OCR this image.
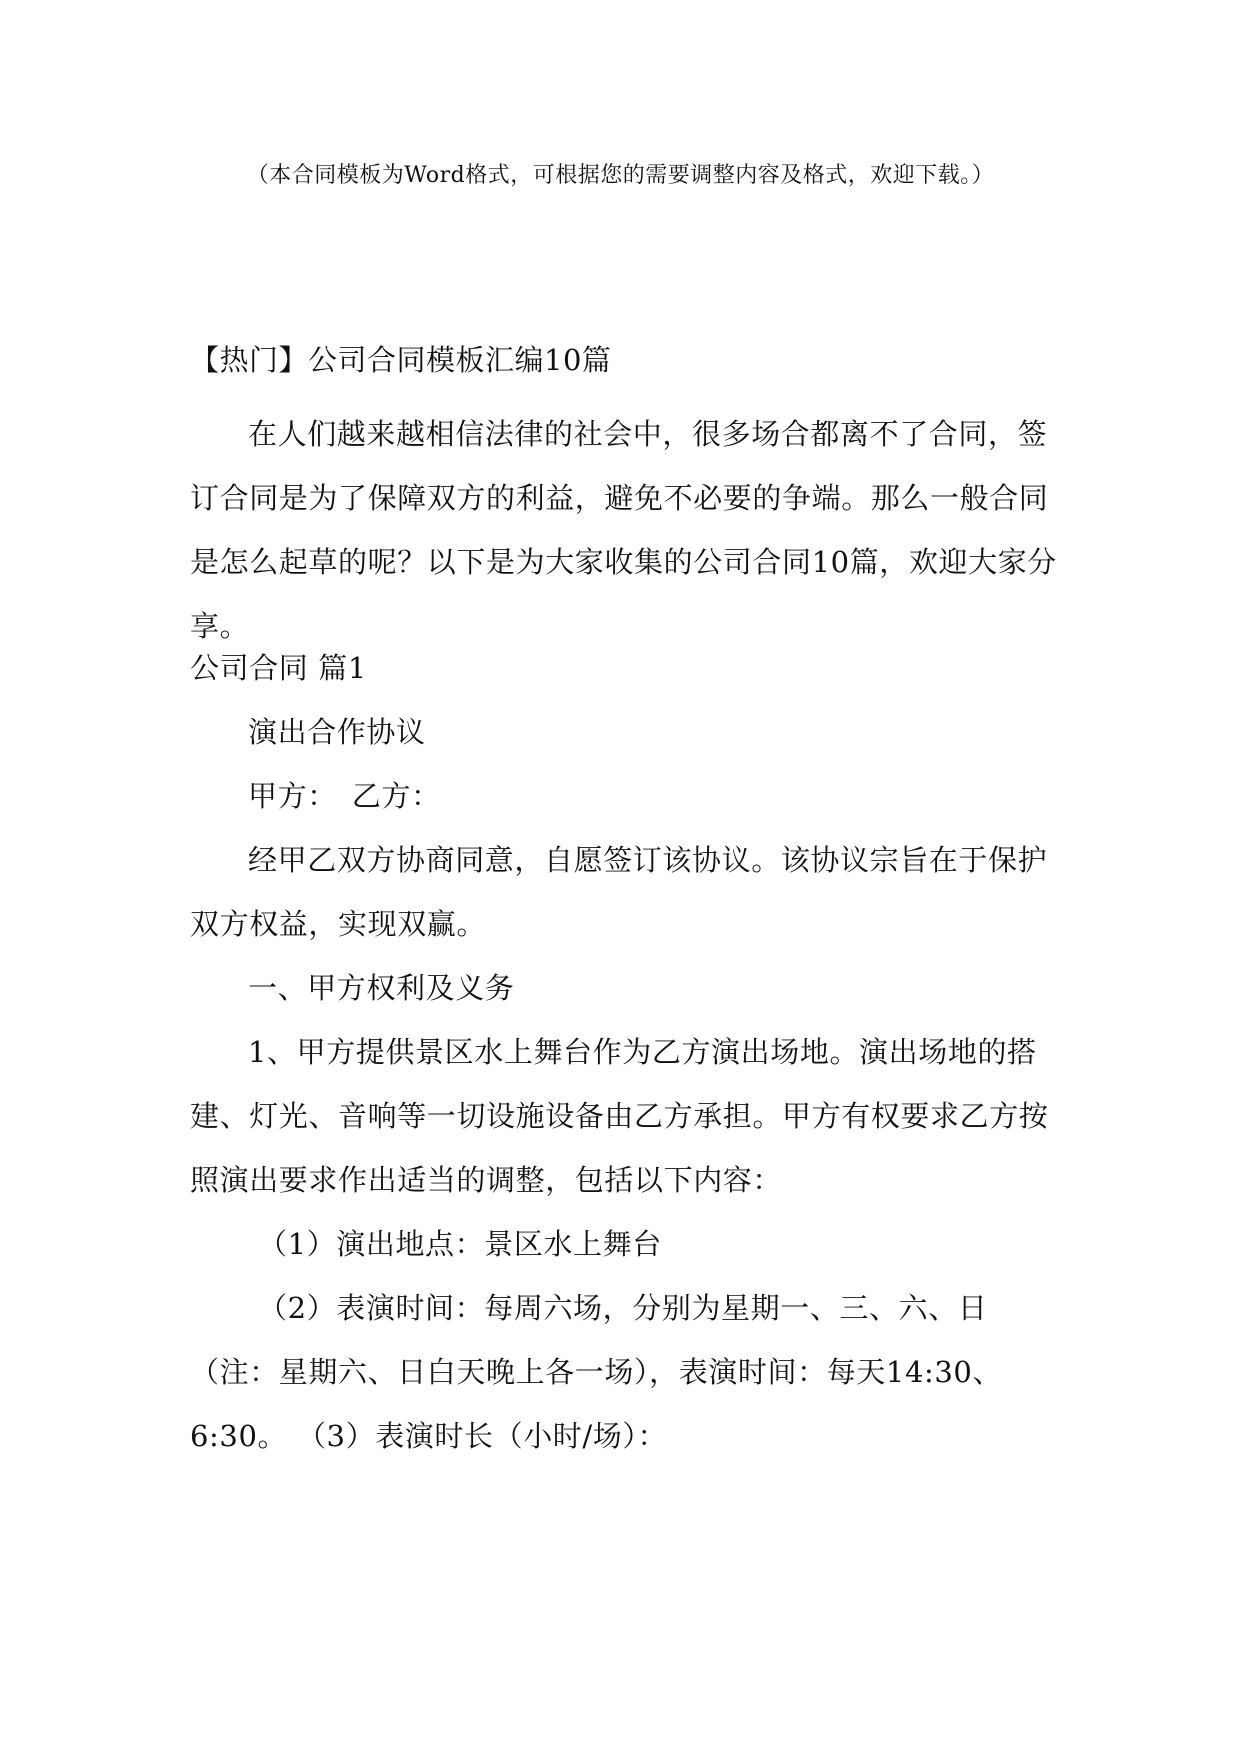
（本合同模板为Word格式，可根据您的需要调整内容及格式，欢迎下载。）
【热门】公司合同模板汇编10篇

在人们越来越相信法律的社会中，很多场合都离不了合同，签订合同是为了保障双方的利益，避免不必要的争端。那么一般合同是怎么起草的呢？以下是为大家收集的公司合同10篇，欢迎大家分享。

公司合同 篇1

演出合作协议

甲方：　乙方：

经甲乙双方协商同意，自愿签订该协议。该协议宗旨在于保护双方权益，实现双赢。

一、甲方权利及义务

1、甲方提供景区水上舞台作为乙方演出场地。演出场地的搭建、灯光、音响等一切设施设备由乙方承担。甲方有权要求乙方按照演出要求作出适当的调整，包括以下内容：

（1）演出地点：景区水上舞台

（2）表演时间：每周六场，分别为星期一、三、六、日（注：星期六、日白天晚上各一场），表演时间：每天14:30、6:30。 （3）表演时长（小时/场）：
